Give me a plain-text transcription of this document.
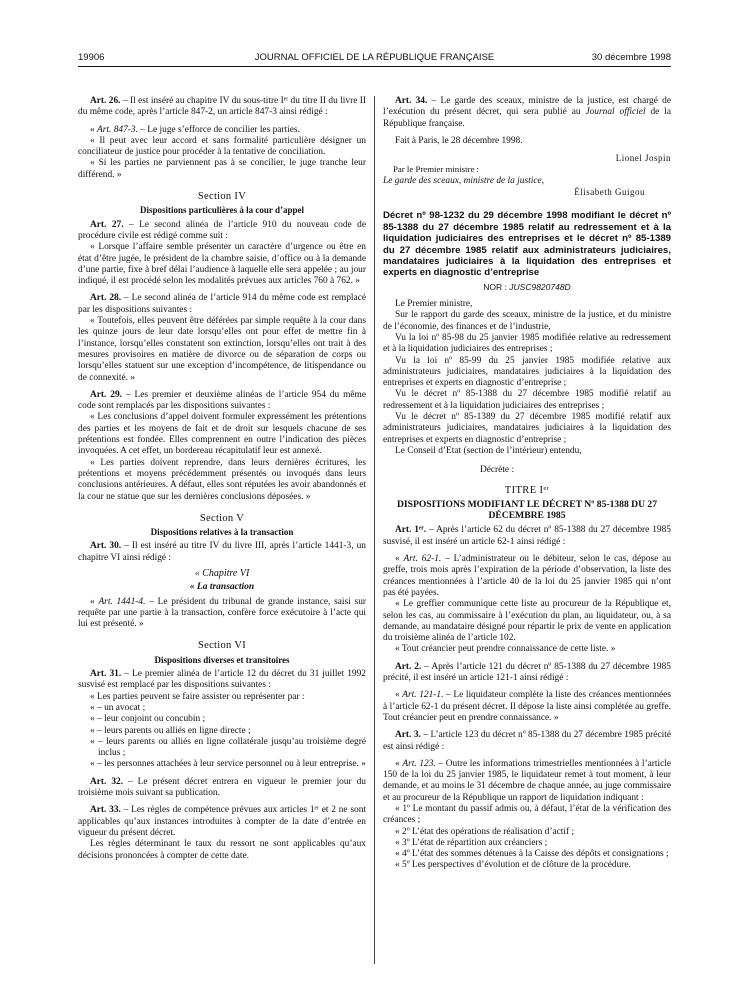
19906	JOURNAL OFFICIEL DE LA RÉPUBLIQUE FRANÇAISE	30 décembre 1998

Art. 26. – Il est inséré au chapitre IV du sous-titre Iᵉʳ du titre II du livre II du même code, après l’article 847-2, un article 847-3 ainsi rédigé :

« Art. 847-3. – Le juge s’efforce de concilier les parties.

« Il peut avec leur accord et sans formalité particulière désigner un conciliateur de justice pour procéder à la tentative de conciliation.

« Si les parties ne parviennent pas à se concilier, le juge tranche leur différend. »

Section IV
Dispositions particulières à la cour d’appel

Art. 27. – Le second alinéa de l’article 910 du nouveau code de procédure civile est rédigé comme suit :

« Lorsque l’affaire semble présenter un caractère d’urgence ou être en état d’être jugée, le président de la chambre saisie, d’office ou à la demande d’une partie, fixe à bref délai l’audience à laquelle elle sera appelée ; au jour indiqué, il est procédé selon les modalités prévues aux articles 760 à 762. »

Art. 28. – Le second alinéa de l’article 914 du même code est remplacé par les dispositions suivantes :

« Toutefois, elles peuvent être déférées par simple requête à la cour dans les quinze jours de leur date lorsqu’elles ont pour effet de mettre fin à l’instance, lorsqu’elles constatent son extinction, lorsqu’elles ont trait à des mesures provisoires en matière de divorce ou de séparation de corps ou lorsqu’elles statuent sur une exception d’incompétence, de litispendance ou de connexité. »

Art. 29. – Les premier et deuxième alinéas de l’article 954 du même code sont remplacés par les dispositions suivantes :

« Les conclusions d’appel doivent formuler expressément les prétentions des parties et les moyens de fait et de droit sur lesquels chacune de ses prétentions est fondée. Elles comprennent en outre l’indication des pièces invoquées. A cet effet, un bordereau récapitulatif leur est annexé.

« Les parties doivent reprendre, dans leurs dernières écritures, les prétentions et moyens précédemment présentés ou invoqués dans leurs conclusions antérieures. A défaut, elles sont réputées les avoir abandonnés et la cour ne statue que sur les dernières conclusions déposées. »

Section V
Dispositions relatives à la transaction

Art. 30. – Il est inséré au titre IV du livre III, après l’article 1441-3, un chapitre VI ainsi rédigé :

« Chapitre VI
« La transaction

« Art. 1441-4. – Le président du tribunal de grande instance, saisi sur requête par une partie à la transaction, confère force exécutoire à l’acte qui lui est présenté. »

Section VI
Dispositions diverses et transitoires

Art. 31. – Le premier alinéa de l’article 12 du décret du 31 juillet 1992 susvisé est remplacé par les dispositions suivantes :

« Les parties peuvent se faire assister ou représenter par :

« – un avocat ;

« – leur conjoint ou concubin ;

« – leurs parents ou alliés en ligne directe ;

« – leurs parents ou alliés en ligne collatérale jusqu’au troisième degré inclus ;

« – les personnes attachées à leur service personnel ou à leur entreprise. »

Art. 32. – Le présent décret entrera en vigueur le premier jour du troisième mois suivant sa publication.

Art. 33. – Les règles de compétence prévues aux articles 1ᵉʳ et 2 ne sont applicables qu’aux instances introduites à compter de la date d’entrée en vigueur du présent décret.

Les règles déterminant le taux du ressort ne sont applicables qu’aux décisions prononcées à compter de cette date.

Art. 34. – Le garde des sceaux, ministre de la justice, est chargé de l’exécution du présent décret, qui sera publié au Journal officiel de la République française.

Fait à Paris, le 28 décembre 1998.

Lionel Jospin

Par le Premier ministre :

Le garde des sceaux, ministre de la justice,

Élisabeth Guigou

Décret nº 98-1232 du 29 décembre 1998 modifiant le décret nº 85-1388 du 27 décembre 1985 relatif au redressement et à la liquidation judiciaires des entreprises et le décret nº 85-1389 du 27 décembre 1985 relatif aux administrateurs judiciaires, mandataires judiciaires à la liquidation des entreprises et experts en diagnostic d’entreprise

NOR : JUSC9820748D

Le Premier ministre,

Sur le rapport du garde des sceaux, ministre de la justice, et du ministre de l’économie, des finances et de l’industrie,

Vu la loi nº 85-98 du 25 janvier 1985 modifiée relative au redressement et à la liquidation judiciaires des entreprises ;

Vu la loi nº 85-99 du 25 janvier 1985 modifiée relative aux administrateurs judiciaires, mandataires judiciaires à la liquidation des entreprises et experts en diagnostic d’entreprise ;

Vu le décret nº 85-1388 du 27 décembre 1985 modifié relatif au redressement et à la liquidation judiciaires des entreprises ;

Vu le décret nº 85-1389 du 27 décembre 1985 modifié relatif aux administrateurs judiciaires, mandataires judiciaires à la liquidation des entreprises et experts en diagnostic d’entreprise ;

Le Conseil d’Etat (section de l’intérieur) entendu,

Décrète :

TITRE Iᵉʳ
DISPOSITIONS MODIFIANT LE DÉCRET Nº 85-1388 DU 27 DÉCEMBRE 1985

Art. 1ᵉʳ. – Après l’article 62 du décret nº 85-1388 du 27 décembre 1985 susvisé, il est inséré un article 62-1 ainsi rédigé :

« Art. 62-1. – L’administrateur ou le débiteur, selon le cas, dépose au greffe, trois mois après l’expiration de la période d’observation, la liste des créances mentionnées à l’article 40 de la loi du 25 janvier 1985 qui n’ont pas été payées.

« Le greffier communique cette liste au procureur de la République et, selon les cas, au commissaire à l’exécution du plan, au liquidateur, ou, à sa demande, au mandataire désigné pour répartir le prix de vente en application du troisième alinéa de l’article 102.

« Tout créancier peut prendre connaissance de cette liste. »

Art. 2. – Après l’article 121 du décret nº 85-1388 du 27 décembre 1985 précité, il est inséré un article 121-1 ainsi rédigé :

« Art. 121-1. – Le liquidateur complète la liste des créances mentionnées à l’article 62-1 du présent décret. Il dépose la liste ainsi complétée au greffe. Tout créancier peut en prendre connaissance. »

Art. 3. – L’article 123 du décret nº 85-1388 du 27 décembre 1985 précité est ainsi rédigé :

« Art. 123. – Outre les informations trimestrielles mentionnées à l’article 150 de la loi du 25 janvier 1985, le liquidateur remet à tout moment, à leur demande, et au moins le 31 décembre de chaque année, au juge commissaire et au procureur de la République un rapport de liquidation indiquant :

« 1º Le montant du passif admis ou, à défaut, l’état de la vérification des créances ;

« 2º L’état des opérations de réalisation d’actif ;

« 3º L’état de répartition aux créanciers ;

« 4º L’état des sommes détenues à la Caisse des dépôts et consignations ;

« 5º Les perspectives d’évolution et de clôture de la procédure.
